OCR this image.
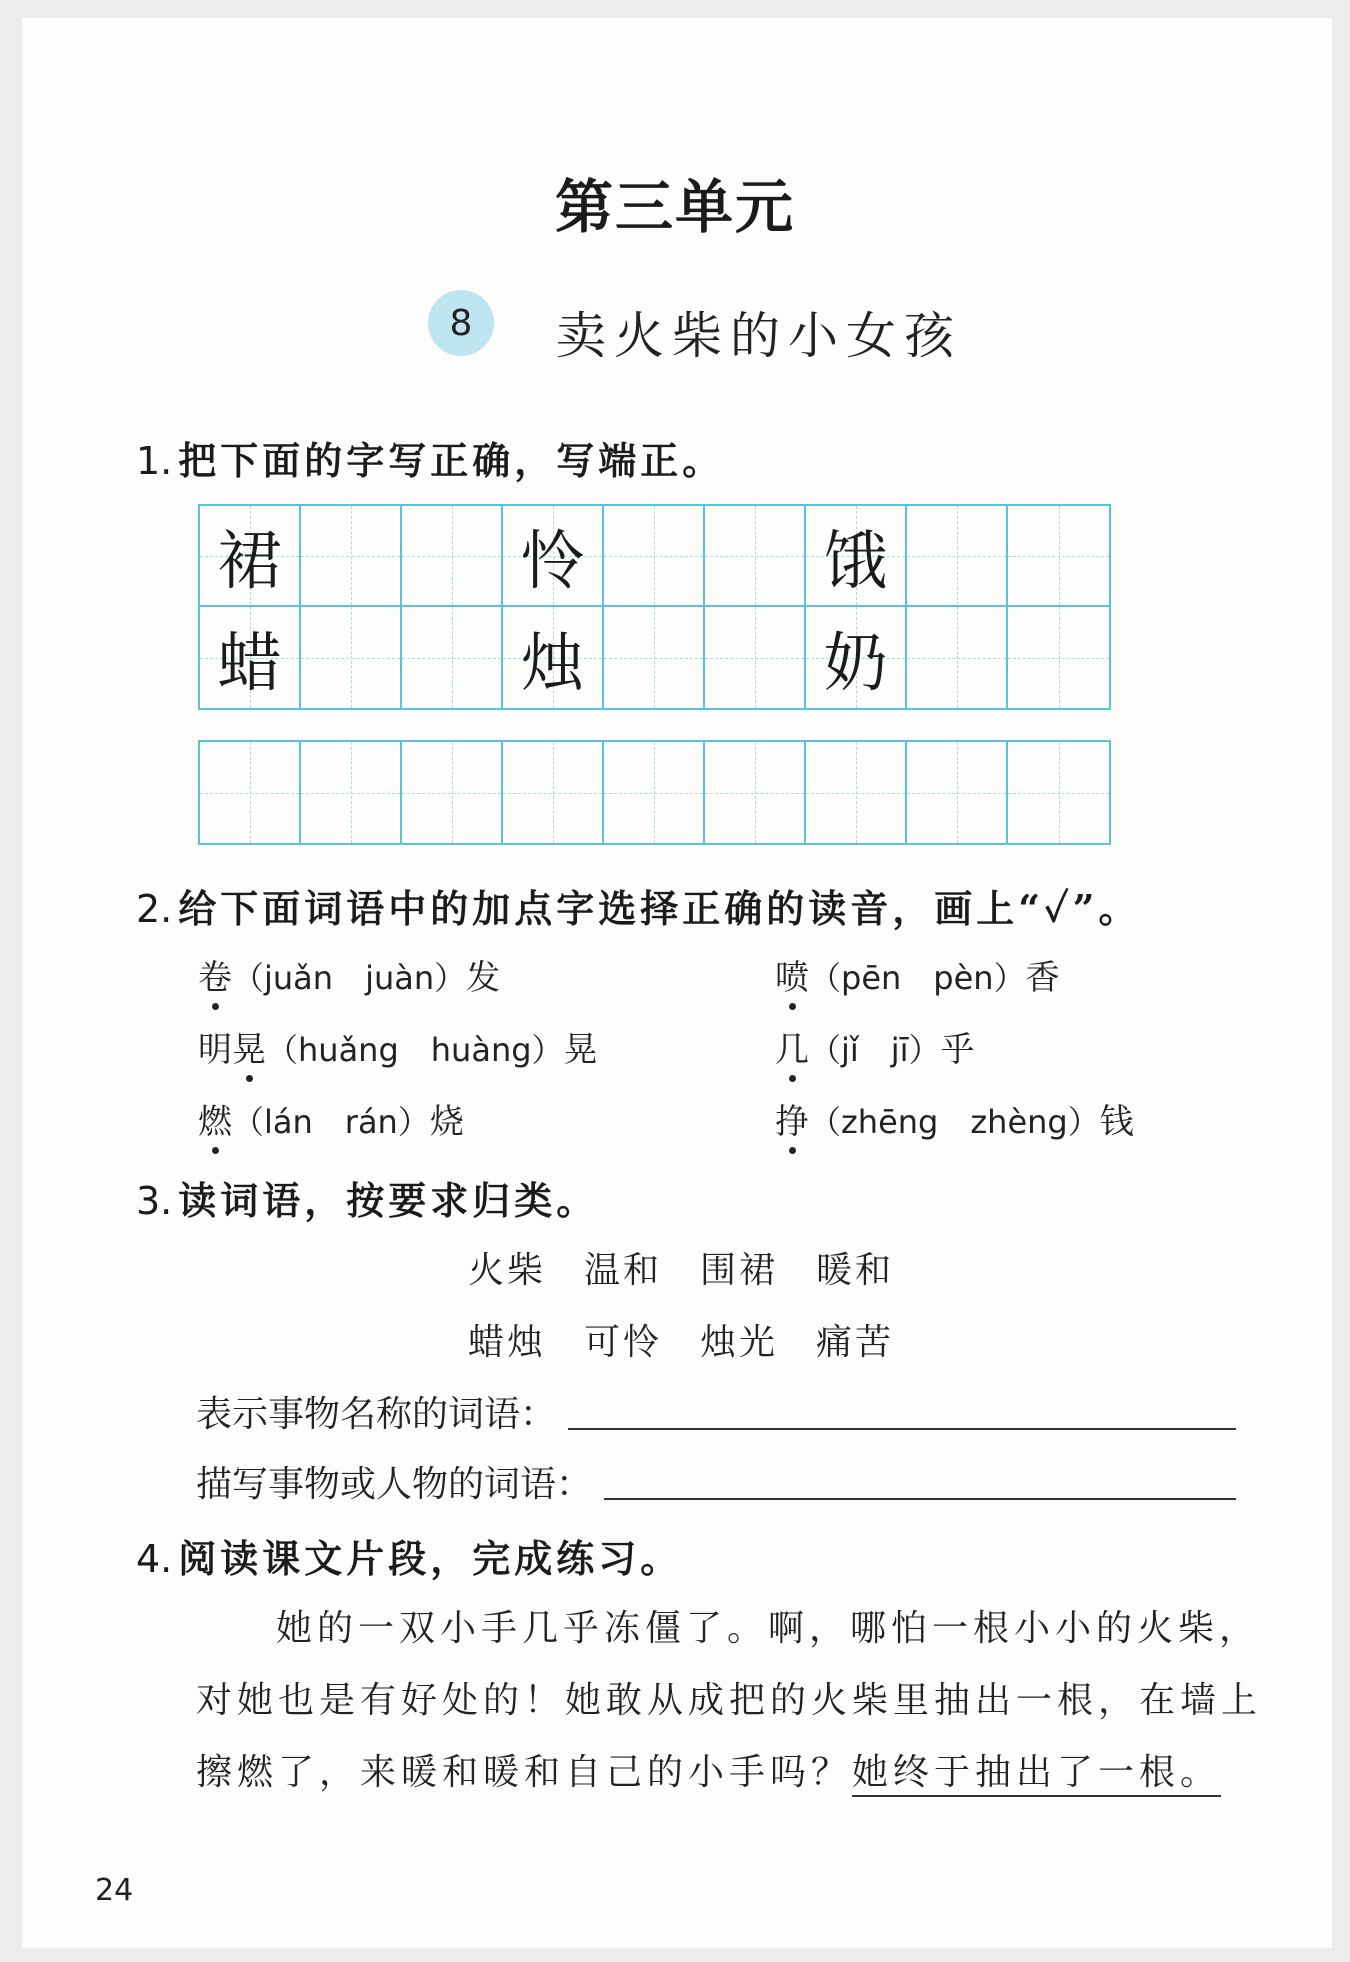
第三单元
8	卖火柴的小女孩
1. 把下面的字写正确，写端正。
裙	怜	饿
蜡	烛	奶
2. 给下面词语中的加点字选择正确的读音，画上“✓”。
卷（juǎn　juàn）发	喷（pēn　pèn）香
明晃（huǎng　huàng）晃	几（jǐ　jī）乎
燃（lán　rán）烧	挣（zhēng　zhèng）钱
3. 读词语，按要求归类。
火柴 温和 围裙 暖和
蜡烛 可怜 烛光 痛苦
表示事物名称的词语：
描写事物或人物的词语：
4. 阅读课文片段，完成练习。
她的一双小手几乎冻僵了。啊，哪怕一根小小的火柴，
对她也是有好处的！她敢从成把的火柴里抽出一根，在墙上
擦燃了，来暖和暖和自己的小手吗？她终于抽出了一根。
24
